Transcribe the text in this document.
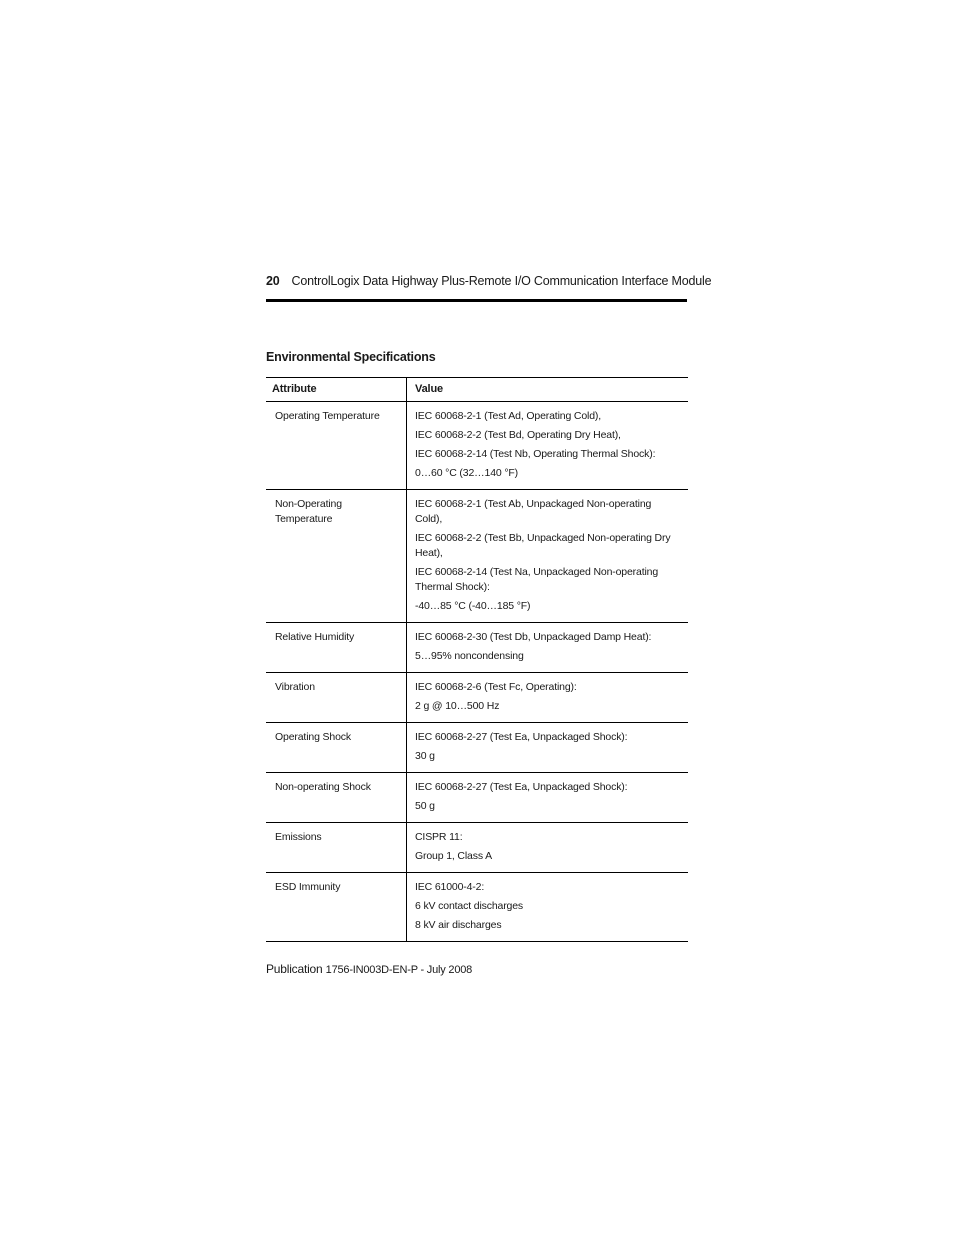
20 ControlLogix Data Highway Plus-Remote I/O Communication Interface Module
Environmental Specifications
Attribute	Value
Operating Temperature	IEC 60068-2-1 (Test Ad, Operating Cold),
IEC 60068-2-2 (Test Bd, Operating Dry Heat),
IEC 60068-2-14 (Test Nb, Operating Thermal Shock):
0…60 °C (32…140 °F)

Non-Operating Temperature	IEC 60068-2-1 (Test Ab, Unpackaged Non-operating Cold),
IEC 60068-2-2 (Test Bb, Unpackaged Non-operating Dry Heat),
IEC 60068-2-14 (Test Na, Unpackaged Non-operating Thermal Shock):
-40…85 °C (-40…185 °F)

Relative Humidity	IEC 60068-2-30 (Test Db, Unpackaged Damp Heat):
5…95% noncondensing

Vibration	IEC 60068-2-6 (Test Fc, Operating):
2 g @ 10…500 Hz

Operating Shock	IEC 60068-2-27 (Test Ea, Unpackaged Shock):
30 g

Non-operating Shock	IEC 60068-2-27 (Test Ea, Unpackaged Shock):
50 g

Emissions	CISPR 11:
Group 1, Class A

ESD Immunity	IEC 61000-4-2:
6 kV contact discharges
8 kV air discharges
Publication 1756-IN003D-EN-P - July 2008
